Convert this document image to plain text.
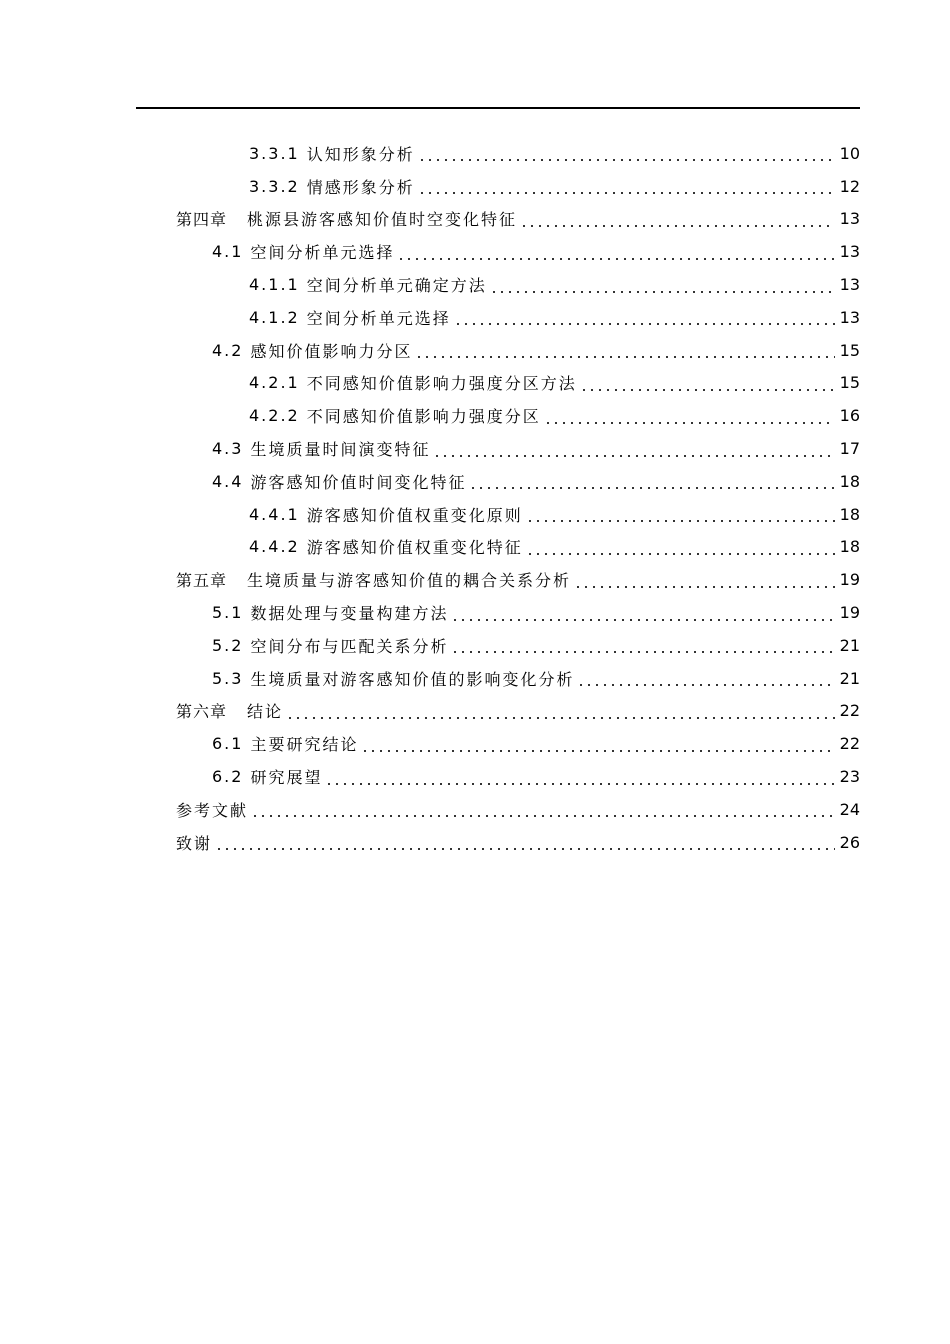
3.3.1 认知形象分析	10
3.3.2 情感形象分析	12
第四章 桃源县游客感知价值时空变化特征	13
4.1 空间分析单元选择	13
4.1.1 空间分析单元确定方法	13
4.1.2 空间分析单元选择	13
4.2 感知价值影响力分区	15
4.2.1 不同感知价值影响力强度分区方法	15
4.2.2 不同感知价值影响力强度分区	16
4.3 生境质量时间演变特征	17
4.4 游客感知价值时间变化特征	18
4.4.1 游客感知价值权重变化原则	18
4.4.2 游客感知价值权重变化特征	18
第五章 生境质量与游客感知价值的耦合关系分析	19
5.1 数据处理与变量构建方法	19
5.2 空间分布与匹配关系分析	21
5.3 生境质量对游客感知价值的影响变化分析	21
第六章 结论	22
6.1 主要研究结论	22
6.2 研究展望	23
参考文献	24
致谢	26
